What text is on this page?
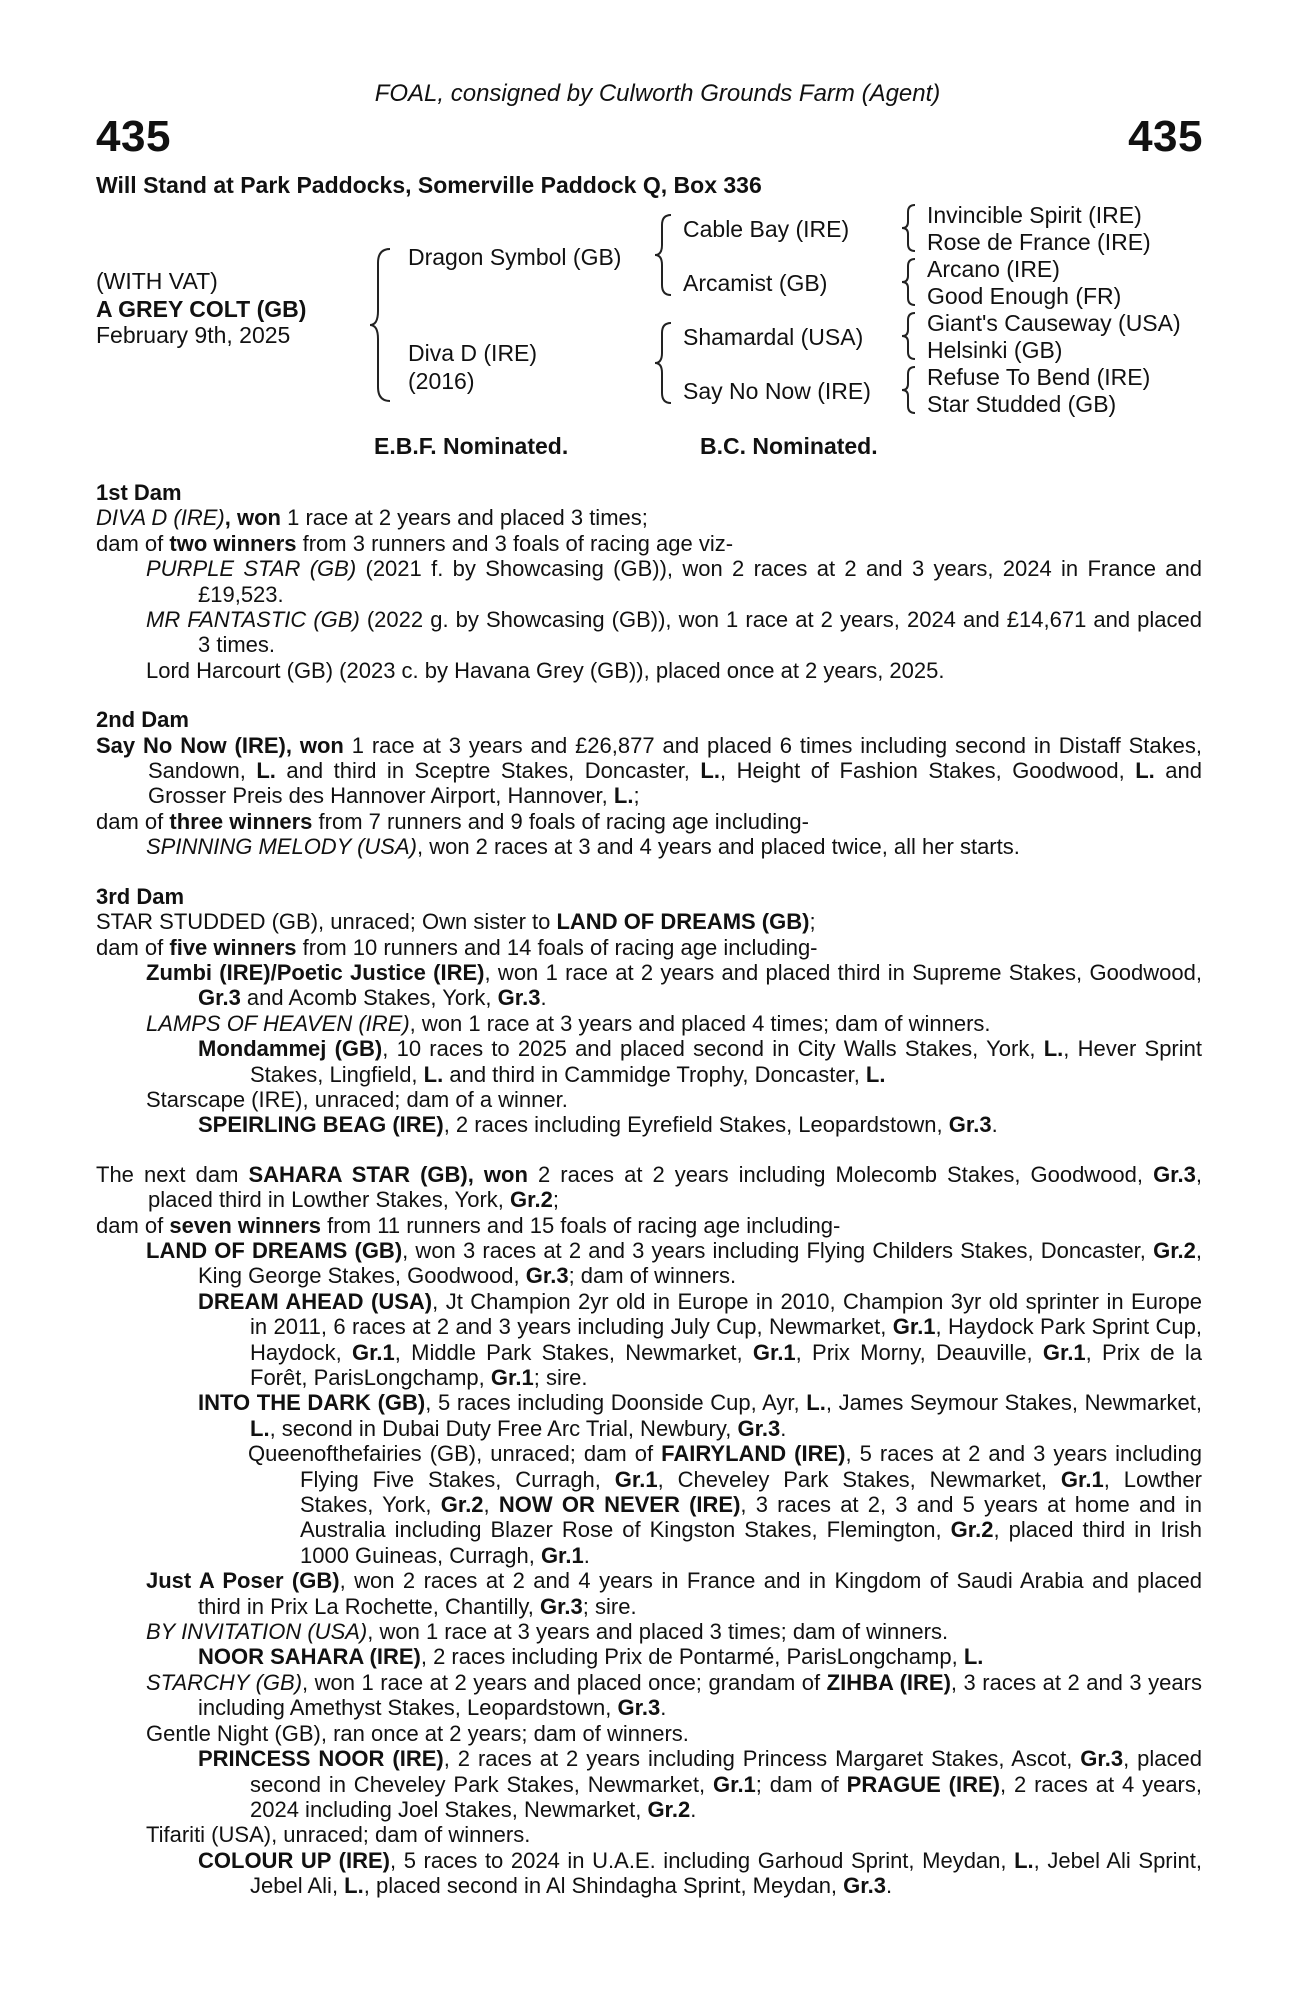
FOAL, consigned by Culworth Grounds Farm (Agent)
435	435
Will Stand at Park Paddocks, Somerville Paddock Q, Box 336
(WITH VAT)
A GREY COLT (GB)
February 9th, 2025
Dragon Symbol (GB)
Diva D (IRE)
(2016)
Cable Bay (IRE)
Arcamist (GB)
Shamardal (USA)
Say No Now (IRE)
Invincible Spirit (IRE)
Rose de France (IRE)
Arcano (IRE)
Good Enough (FR)
Giant's Causeway (USA)
Helsinki (GB)
Refuse To Bend (IRE)
Star Studded (GB)
E.B.F. Nominated.	B.C. Nominated.
1st Dam
DIVA D (IRE), won 1 race at 2 years and placed 3 times;
dam of two winners from 3 runners and 3 foals of racing age viz-
PURPLE STAR (GB) (2021 f. by Showcasing (GB)), won 2 races at 2 and 3 years, 2024 in France and £19,523.
MR FANTASTIC (GB) (2022 g. by Showcasing (GB)), won 1 race at 2 years, 2024 and £14,671 and placed 3 times.
Lord Harcourt (GB) (2023 c. by Havana Grey (GB)), placed once at 2 years, 2025.
2nd Dam
Say No Now (IRE), won 1 race at 3 years and £26,877 and placed 6 times including second in Distaff Stakes, Sandown, L. and third in Sceptre Stakes, Doncaster, L., Height of Fashion Stakes, Goodwood, L. and Grosser Preis des Hannover Airport, Hannover, L.;
dam of three winners from 7 runners and 9 foals of racing age including-
SPINNING MELODY (USA), won 2 races at 3 and 4 years and placed twice, all her starts.
3rd Dam
STAR STUDDED (GB), unraced; Own sister to LAND OF DREAMS (GB);
dam of five winners from 10 runners and 14 foals of racing age including-
Zumbi (IRE)/Poetic Justice (IRE), won 1 race at 2 years and placed third in Supreme Stakes, Goodwood, Gr.3 and Acomb Stakes, York, Gr.3.
LAMPS OF HEAVEN (IRE), won 1 race at 3 years and placed 4 times; dam of winners.
Mondammej (GB), 10 races to 2025 and placed second in City Walls Stakes, York, L., Hever Sprint Stakes, Lingfield, L. and third in Cammidge Trophy, Doncaster, L.
Starscape (IRE), unraced; dam of a winner.
SPEIRLING BEAG (IRE), 2 races including Eyrefield Stakes, Leopardstown, Gr.3.
The next dam SAHARA STAR (GB), won 2 races at 2 years including Molecomb Stakes, Goodwood, Gr.3, placed third in Lowther Stakes, York, Gr.2;
dam of seven winners from 11 runners and 15 foals of racing age including-
LAND OF DREAMS (GB), won 3 races at 2 and 3 years including Flying Childers Stakes, Doncaster, Gr.2, King George Stakes, Goodwood, Gr.3; dam of winners.
DREAM AHEAD (USA), Jt Champion 2yr old in Europe in 2010, Champion 3yr old sprinter in Europe in 2011, 6 races at 2 and 3 years including July Cup, Newmarket, Gr.1, Haydock Park Sprint Cup, Haydock, Gr.1, Middle Park Stakes, Newmarket, Gr.1, Prix Morny, Deauville, Gr.1, Prix de la Forêt, ParisLongchamp, Gr.1; sire.
INTO THE DARK (GB), 5 races including Doonside Cup, Ayr, L., James Seymour Stakes, Newmarket, L., second in Dubai Duty Free Arc Trial, Newbury, Gr.3.
Queenofthefairies (GB), unraced; dam of FAIRYLAND (IRE), 5 races at 2 and 3 years including Flying Five Stakes, Curragh, Gr.1, Cheveley Park Stakes, Newmarket, Gr.1, Lowther Stakes, York, Gr.2, NOW OR NEVER (IRE), 3 races at 2, 3 and 5 years at home and in Australia including Blazer Rose of Kingston Stakes, Flemington, Gr.2, placed third in Irish 1000 Guineas, Curragh, Gr.1.
Just A Poser (GB), won 2 races at 2 and 4 years in France and in Kingdom of Saudi Arabia and placed third in Prix La Rochette, Chantilly, Gr.3; sire.
BY INVITATION (USA), won 1 race at 3 years and placed 3 times; dam of winners.
NOOR SAHARA (IRE), 2 races including Prix de Pontarmé, ParisLongchamp, L.
STARCHY (GB), won 1 race at 2 years and placed once; grandam of ZIHBA (IRE), 3 races at 2 and 3 years including Amethyst Stakes, Leopardstown, Gr.3.
Gentle Night (GB), ran once at 2 years; dam of winners.
PRINCESS NOOR (IRE), 2 races at 2 years including Princess Margaret Stakes, Ascot, Gr.3, placed second in Cheveley Park Stakes, Newmarket, Gr.1; dam of PRAGUE (IRE), 2 races at 4 years, 2024 including Joel Stakes, Newmarket, Gr.2.
Tifariti (USA), unraced; dam of winners.
COLOUR UP (IRE), 5 races to 2024 in U.A.E. including Garhoud Sprint, Meydan, L., Jebel Ali Sprint, Jebel Ali, L., placed second in Al Shindagha Sprint, Meydan, Gr.3.
